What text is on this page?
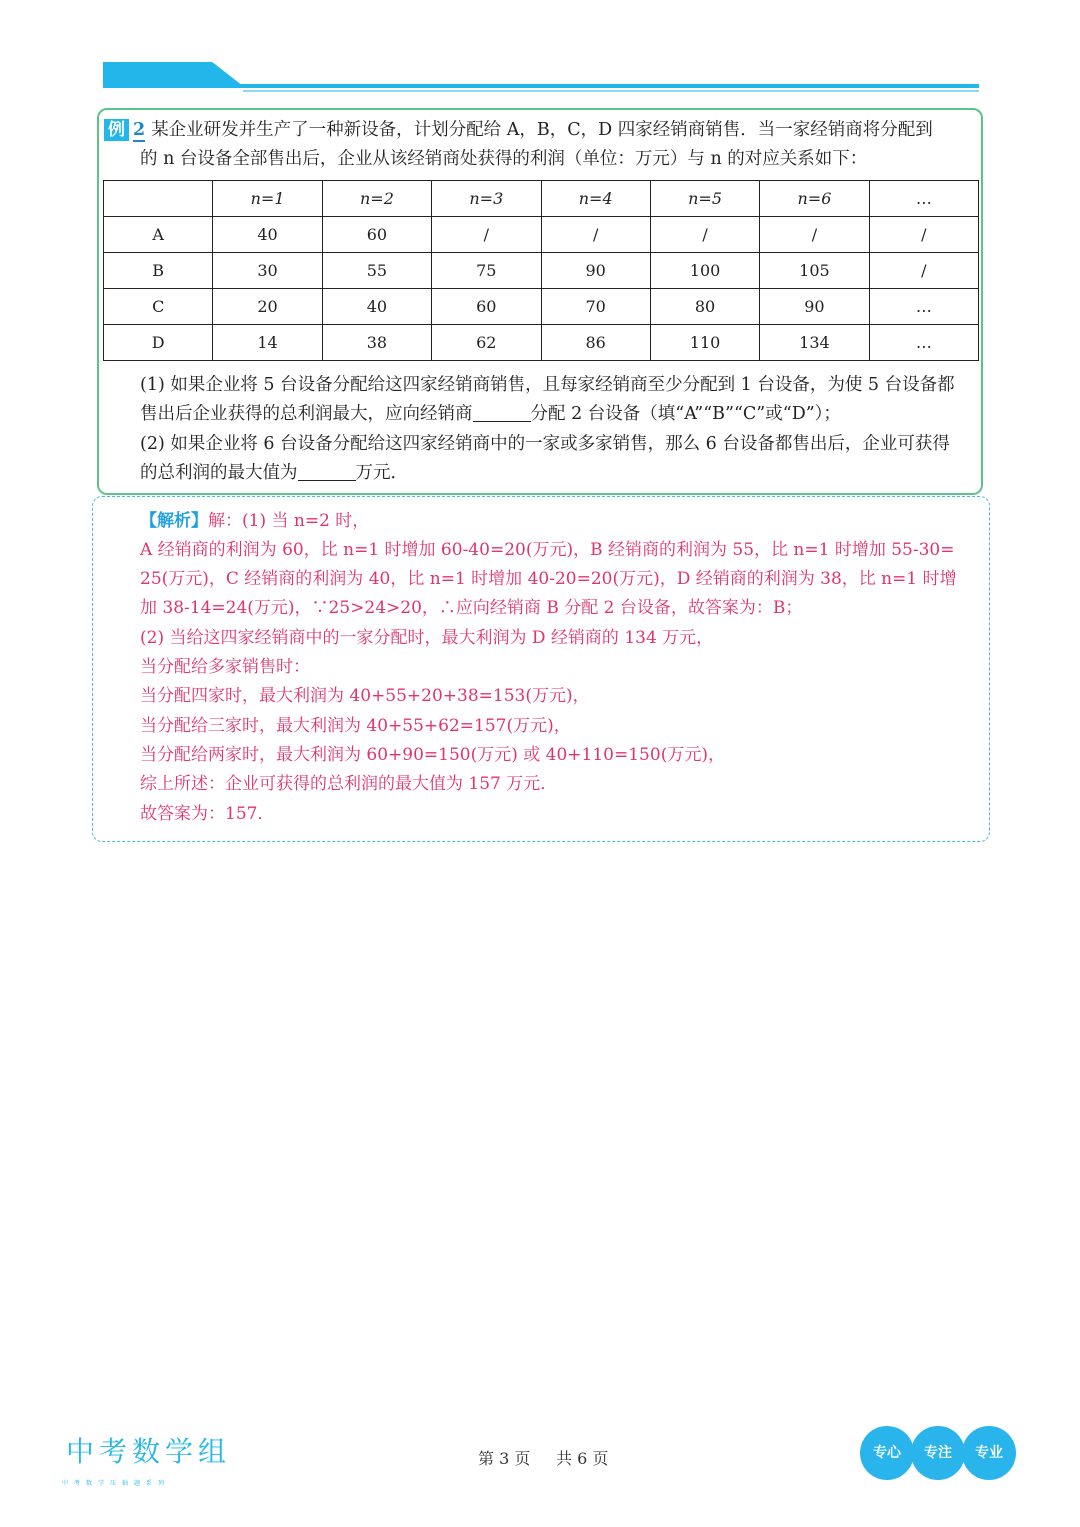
例 2 某企业研发并生产了一种新设备，计划分配给 A，B，C，D 四家经销商销售．当一家经销商将分配到
的 n 台设备全部售出后，企业从该经销商处获得的利润（单位：万元）与 n 的对应关系如下：
	n=1	n=2	n=3	n=4	n=5	n=6	…
A	40	60	/	/	/	/	/
B	30	55	75	90	100	105	/
C	20	40	60	70	80	90	…
D	14	38	62	86	110	134	…
(1) 如果企业将 5 台设备分配给这四家经销商销售，且每家经销商至少分配到 1 台设备，为使 5 台设备都
售出后企业获得的总利润最大，应向经销商	分配 2 台设备（填“A”“B”“C”或“D”）；
(2) 如果企业将 6 台设备分配给这四家经销商中的一家或多家销售，那么 6 台设备都售出后，企业可获得
的总利润的最大值为	万元．
【解析】解：(1) 当 n=2 时，
A 经销商的利润为 60，比 n=1 时增加 60-40=20(万元)，B 经销商的利润为 55，比 n=1 时增加 55-30=
25(万元)，C 经销商的利润为 40，比 n=1 时增加 40-20=20(万元)，D 经销商的利润为 38，比 n=1 时增
加 38-14=24(万元)，∵25>24>20，∴应向经销商 B 分配 2 台设备，故答案为：B；
(2) 当给这四家经销商中的一家分配时，最大利润为 D 经销商的 134 万元，
当分配给多家销售时：
当分配四家时，最大利润为 40+55+20+38=153(万元)，
当分配给三家时，最大利润为 40+55+62=157(万元)，
当分配给两家时，最大利润为 60+90=150(万元) 或 40+110=150(万元)，
综上所述：企业可获得的总利润的最大值为 157 万元．
故答案为：157．
中 考 数 学 组
中考数学压轴题系列
第 3 页 共 6 页	专心	专注	专业
